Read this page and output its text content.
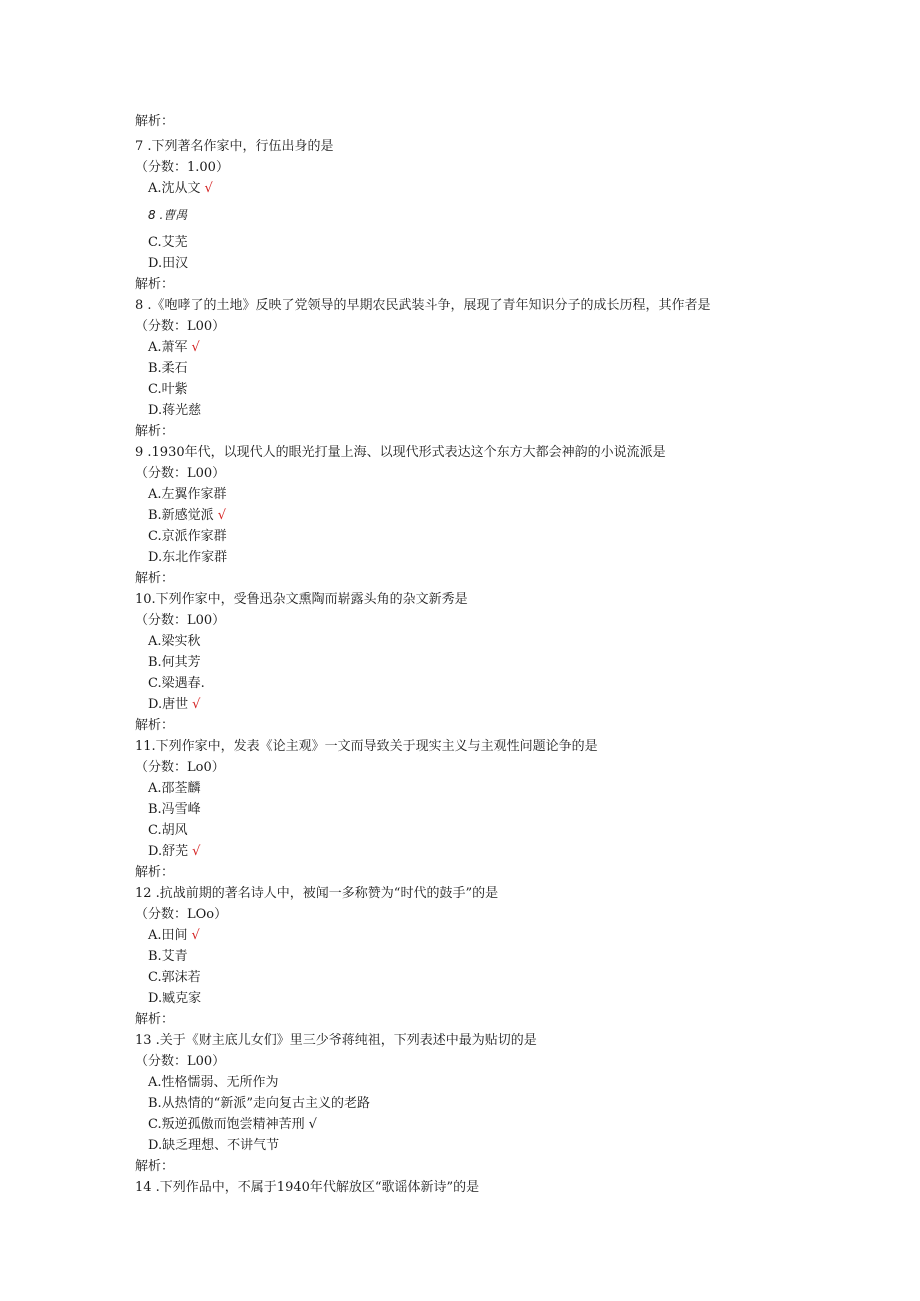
解析：
7 .下列著名作家中，行伍出身的是
（分数：1.00）
A.沈从文 √
8 .曹禺
C.艾芜
D.田汉
解析：
8 .《咆哮了的土地》反映了党领导的早期农民武装斗争，展现了青年知识分子的成长历程，其作者是
（分数：L00）
A.萧军 √
B.柔石
C.叶紫
D.蒋光慈
解析：
9 .1930年代，以现代人的眼光打量上海、以现代形式表达这个东方大都会神韵的小说流派是
（分数：L00）
A.左翼作家群
B.新感觉派 √
C.京派作家群
D.东北作家群
解析：
10.下列作家中，受鲁迅杂文熏陶而崭露头角的杂文新秀是
（分数：L00）
A.梁实秋
B.何其芳
C.梁遇春.
D.唐世 √
解析：
11.下列作家中，发表《论主观》一文而导致关于现实主义与主观性问题论争的是
（分数：Lo0）
A.邵荃麟
B.冯雪峰
C.胡风
D.舒芜 √
解析：
12 .抗战前期的著名诗人中，被闻一多称赞为“时代的鼓手”的是
（分数：LOo）
A.田间 √
B.艾青
C.郭沫若
D.臧克家
解析：
13 .关于《财主底儿女们》里三少爷蒋纯祖，下列表述中最为贴切的是
（分数：L00）
A.性格懦弱、无所作为
B.从热情的“新派”走向复古主义的老路
C.叛逆孤傲而饱尝精神苦刑 √
D.缺乏理想、不讲气节
解析：
14 .下列作品中，不属于1940年代解放区“歌谣体新诗”的是
